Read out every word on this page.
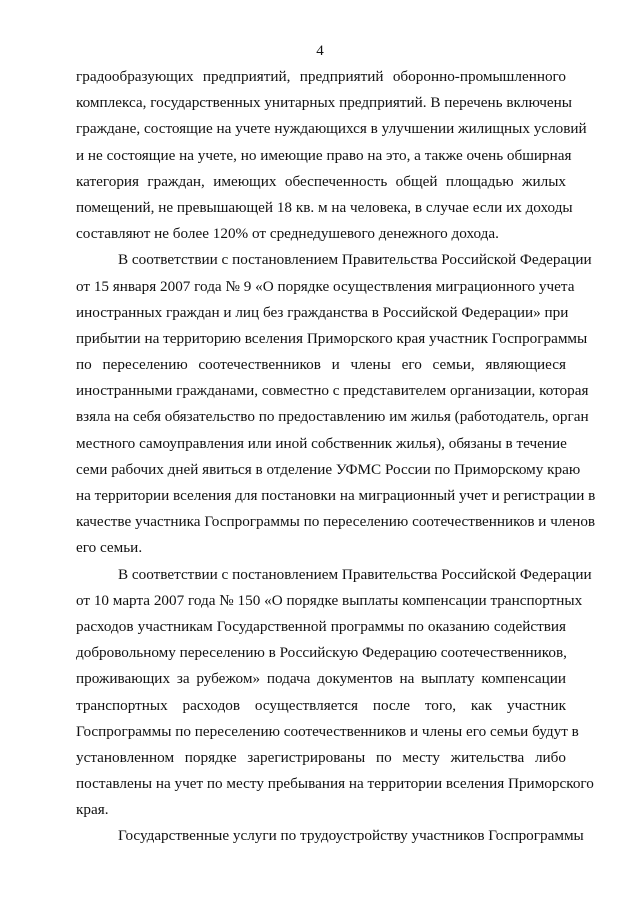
4
градообразующих предприятий, предприятий оборонно-промышленного
комплекса, государственных унитарных предприятий. В перечень включены
граждане, состоящие на учете нуждающихся в улучшении жилищных условий
и не состоящие на учете, но имеющие право на это, а также очень обширная
категория граждан, имеющих обеспеченность общей площадью жилых
помещений, не превышающей 18 кв. м на человека, в случае если их доходы
составляют не более 120% от среднедушевого денежного дохода.
В соответствии с постановлением Правительства Российской Федерации
от 15 января 2007 года № 9 «О порядке осуществления миграционного учета
иностранных граждан и лиц без гражданства в Российской Федерации» при
прибытии на территорию вселения Приморского края участник Госпрограммы
по переселению соотечественников и члены его семьи, являющиеся
иностранными гражданами, совместно с представителем организации, которая
взяла на себя обязательство по предоставлению им жилья (работодатель, орган
местного самоуправления или иной собственник жилья), обязаны в течение
семи рабочих дней явиться в отделение УФМС России по Приморскому краю
на территории вселения для постановки на миграционный учет и регистрации в
качестве участника Госпрограммы по переселению соотечественников и членов
его семьи.
В соответствии с постановлением Правительства Российской Федерации
от 10 марта 2007 года № 150 «О порядке выплаты компенсации транспортных
расходов участникам Государственной программы по оказанию содействия
добровольному переселению в Российскую Федерацию соотечественников,
проживающих за рубежом» подача документов на выплату компенсации
транспортных расходов осуществляется после того, как участник
Госпрограммы по переселению соотечественников и члены его семьи будут в
установленном порядке зарегистрированы по месту жительства либо
поставлены на учет по месту пребывания на территории вселения Приморского
края.
Государственные услуги по трудоустройству участников Госпрограммы
